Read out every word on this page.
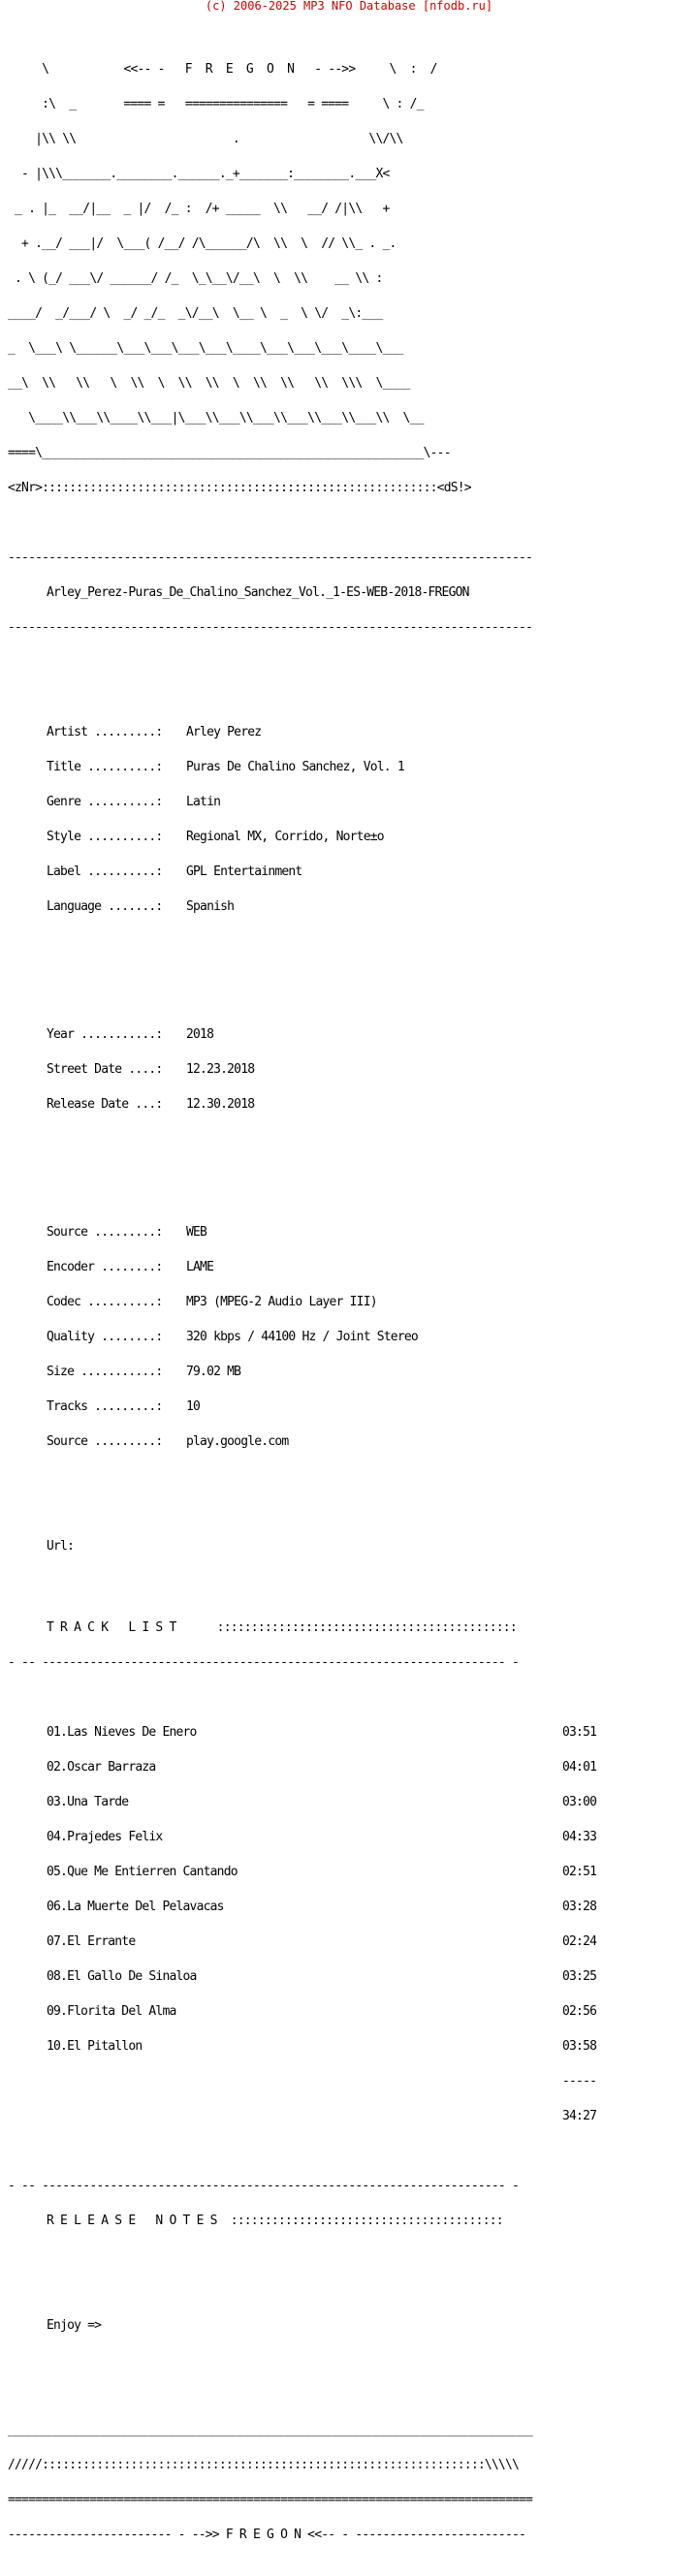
(c) 2006-2025 MP3 NFO Database [nfodb.ru]

\           <<-- -   F  R  E  G  O  N   - -->>     \  :  /

:\  _       ==== =   ===============   = ====     \ : /_

|\\ \\                       .                   \\/\\

- |\\\_______.________.______._+_______:________.___X<

_ . |_  __/|__  _ |/  /_ :  /+ _____  \\   __/ /|\\   +

+ .__/ ___|/  \___( /__/ /\______/\  \\  \  // \\_ . _.

. \ (_/ ___\/ ______/ /_  \_\__\/__\  \  \\    __ \\ :

____/  _/___/ \  _/ _/_  _\/__\  \__ \  _  \ \/  _\:___

_  \___\ \______\___\___\___\___\____\___\___\___\____\___

__\  \\   \\   \  \\  \  \\  \\  \  \\  \\   \\  \\\  \____

\____\\___\\____\\___|\___\\___\\___\\___\\___\\___\\  \__

====\________________________________________________________\---

<zNr>::::::::::::::::::::::::::::::::::::::::::::::::::::::::::<dS!>

-----------------------------------------------------------------------------

Arley_Perez-Puras_De_Chalino_Sanchez_Vol._1-ES-WEB-2018-FREGON

-----------------------------------------------------------------------------

Artist .........: Arley Perez

Title ..........: Puras De Chalino Sanchez, Vol. 1

Genre ..........: Latin

Style ..........: Regional MX, Corrido, Norte±o

Label ..........: GPL Entertainment

Language .......: Spanish

Year ...........: 2018

Street Date ....: 12.23.2018

Release Date ...: 12.30.2018

Source .........: WEB

Encoder ........: LAME

Codec ..........: MP3 (MPEG-2 Audio Layer III)

Quality ........: 320 kbps / 44100 Hz / Joint Stereo

Size ...........: 79.02 MB

Tracks .........: 10

Source .........: play.google.com

Url:

T R A C K   L I S T      ::::::::::::::::::::::::::::::::::::::::::::

- -- -------------------------------------------------------------------- -

01.Las Nieves De Enero	03:51

02.Oscar Barraza	04:01

03.Una Tarde	03:00

04.Prajedes Felix	04:33

05.Que Me Entierren Cantando	02:51

06.La Muerte Del Pelavacas	03:28

07.El Errante	02:24

08.El Gallo De Sinaloa	03:25

09.Florita Del Alma	02:56

10.El Pitallon	03:58

-----

34:27

- -- -------------------------------------------------------------------- -

R E L E A S E   N O T E S  ::::::::::::::::::::::::::::::::::::::::

Enjoy =>

_____________________________________________________________________________

/////:::::::::::::::::::::::::::::::::::::::::::::::::::::::::::::::::\\\\\

=============================================================================

------------------------ - -->> F R E G O N <<-- - -------------------------
